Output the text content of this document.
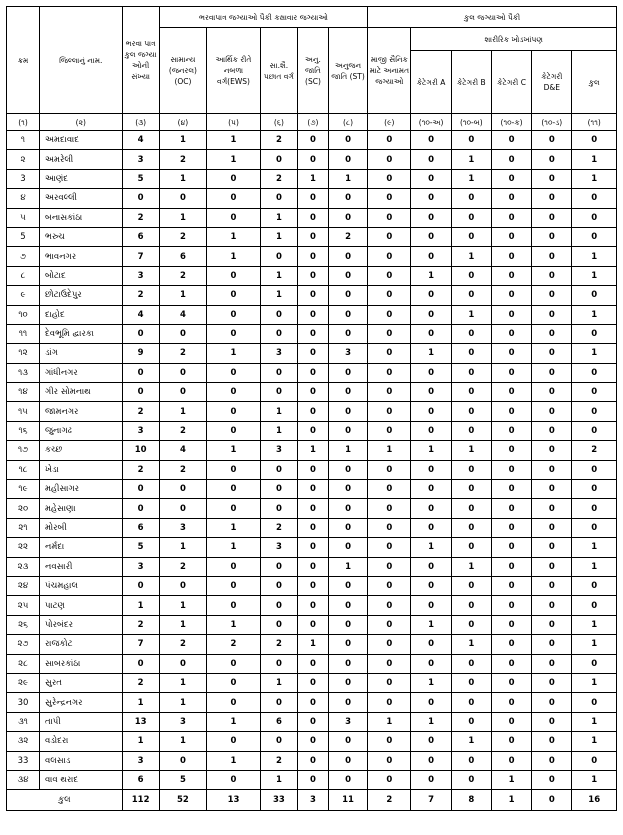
ક્રમ	જિલ્લાનું નામ.	ભરવા પાત્ર કુલ જગ્યા ઓની સંખ્યા	ભરવાપાત્ર જગ્યાઓ પૈકી કક્ષાવાર જગ્યાઓ					કુલ જગ્યાઓ પૈકી					
			સામાન્ય (જનરલ) (OC)	આર્થિક રીતે નબળા વર્ગ(EWS)	સા.શૈ. પછાત વર્ગ	અનુ. જાતિ (SC)	અનુજન જાતિ (ST)	માજી સૈનિક માટે અનામત જગ્યાઓ	શારીરિક ખોડખાંપણ				
									કેટેગરી A	કેટેગરી B	કેટેગરી C	કેટેગરી D&E	કુલ
(૧)	(૨)	(૩)	(૪)	(૫)	(૬)	(૭)	(૮)	(૯)	(૧૦-અ)	(૧૦-બ)	(૧૦-ક)	(૧૦-ડ)	(૧૧)
૧	અમદાવાદ	4	1	1	2	0	0	0	0	0	0	0	0
૨	અમરેલી	3	2	1	0	0	0	0	0	1	0	0	1
3	આણંદ	5	1	0	2	1	1	0	0	1	0	0	1
૪	અરવલ્લી	0	0	0	0	0	0	0	0	0	0	0	0
૫	બનાસકાંઠા	2	1	0	1	0	0	0	0	0	0	0	0
5	ભરુચ	6	2	1	1	0	2	0	0	0	0	0	0
૭	ભાવનગર	7	6	1	0	0	0	0	0	1	0	0	1
૮	બોટાદ	3	2	0	1	0	0	0	1	0	0	0	1
૯	છોટાઉદેપુર	2	1	0	1	0	0	0	0	0	0	0	0
૧૦	દાહોદ	4	4	0	0	0	0	0	0	1	0	0	1
૧૧	દેવભૂમિ દ્વારકા	0	0	0	0	0	0	0	0	0	0	0	0
૧૨	ડાંગ	9	2	1	3	0	3	0	1	0	0	0	1
૧૩	ગાંધીનગર	0	0	0	0	0	0	0	0	0	0	0	0
૧૪	ગીર સોમનાથ	0	0	0	0	0	0	0	0	0	0	0	0
૧૫	જામનગર	2	1	0	1	0	0	0	0	0	0	0	0
૧૬	જુનાગઢ	3	2	0	1	0	0	0	0	0	0	0	0
૧૭	કચ્છ	10	4	1	3	1	1	1	1	1	0	0	2
૧૮	ખેડા	2	2	0	0	0	0	0	0	0	0	0	0
૧૯	મહીસાગર	0	0	0	0	0	0	0	0	0	0	0	0
૨૦	મહેસાણા	0	0	0	0	0	0	0	0	0	0	0	0
૨૧	મોરબી	6	3	1	2	0	0	0	0	0	0	0	0
૨૨	નર્મદા	5	1	1	3	0	0	0	1	0	0	0	1
૨૩	નવસારી	3	2	0	0	0	1	0	0	1	0	0	1
૨૪	પંચમહાલ	0	0	0	0	0	0	0	0	0	0	0	0
૨૫	પાટણ	1	1	0	0	0	0	0	0	0	0	0	0
૨૬	પોરબંદર	2	1	1	0	0	0	0	1	0	0	0	1
૨૭	રાજકોટ	7	2	2	2	1	0	0	0	1	0	0	1
૨૮	સાબરકાંઠા	0	0	0	0	0	0	0	0	0	0	0	0
૨૯	સુરત	2	1	0	1	0	0	0	1	0	0	0	1
30	સુરેન્દ્રનગર	1	1	0	0	0	0	0	0	0	0	0	0
૩૧	તાપી	13	3	1	6	0	3	1	1	0	0	0	1
૩૨	વડોદરા	1	1	0	0	0	0	0	0	1	0	0	1
33	વલસાડ	3	0	1	2	0	0	0	0	0	0	0	0
૩૪	વાવ થરાદ	6	5	0	1	0	0	0	0	0	1	0	1
કુલ		112	52	13	33	3	11	2	7	8	1	0	16
